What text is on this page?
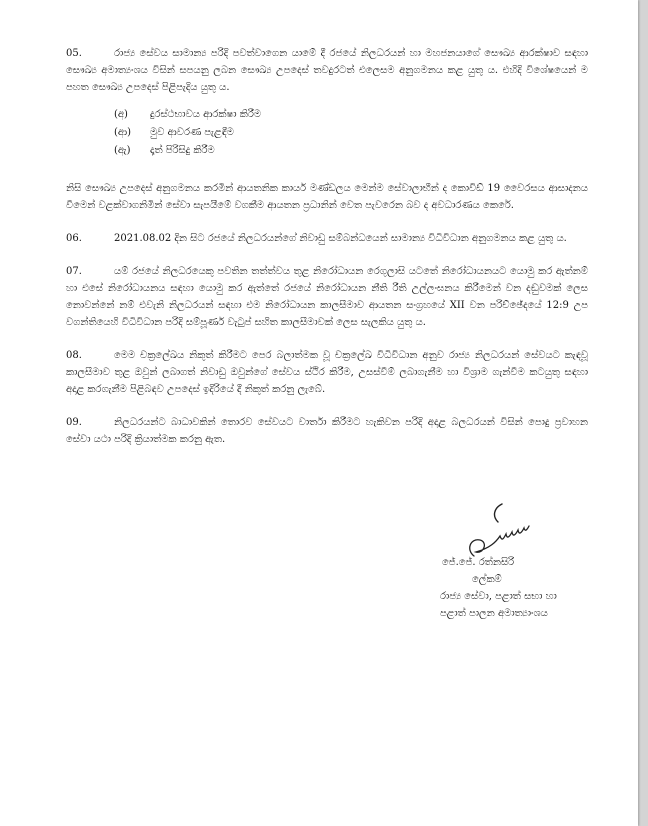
05.	රාජ්‍ය සේවය සාමාන්‍ය පරිදි පවත්වාගෙන යාමේ දී රජයේ නිලධරයන් හා මහජනයාගේ සෞඛ්‍ය ආරක්ෂාව සඳහා සෞඛ්‍ය අමාත්‍යංශය විසින් සපයනු ලබන සෞඛ්‍ය උපදෙස් තවදුරටත් එලෙසම අනුගමනය කළ යුතු ය. එහිදි විශේෂයෙන් ම පහත සෞඛ්‍ය උපදෙස් පිළිපැදිය යුතු ය.

(අ) දුරස්ථභාවය ආරක්ෂා කිරීම
(ආ) මුව ආවරණ පැළඳීම
(ඇ) දෑත් පිරිසිදු කිරීම

නිසි සෞඛ්‍ය උපදෙස් අනුගමනය කරමින් ආයතනික කාර්ය මණ්ඩලය මෙන්ම සේවාලාභීන් ද කොවිඩ් 19 වෛරසය ආසාදනය වීමෙන් වළක්වාගනිමින් සේවා සැපයීමේ වගකීම ආයතන ප්‍රධානින් වෙත පැවරෙන බව ද අවධාරණය කෙරේ.

06.	2021.08.02 දින සිට රජයේ නිලධරයන්ගේ නිවාඩු සම්බන්ධයෙන් සාමාන්‍ය විධිවිධාන අනුගමනය කළ යුතු ය.

07.	යම් රජයේ නිලධරයෙකු පවතින තත්ත්වය තුළ නිරෝධායන රෙගුලාසි යටතේ නිරෝධායනයට යොමු කර ඇත්නම් හා එසේ නිරෝධායනය සඳහා යොමු කර ඇත්තේ රජයේ නිරෝධායන නීති රීති උල්ලංඝනය කිරීමෙන් වන දඬුවමක් ලෙස නොවන්නේ නම් එවැනි නිලධරයන් සඳහා එම නිරෝධායන කාලසීමාව ආයතන සංග්‍රහයේ XII වන පරිච්ඡේදයේ 12:9 උප වගන්තියෙහි විධිවිධාන පරිදි සම්පූර්ණ වැටුප් සහිත කාලසීමාවක් ලෙස සැලකිය යුතු ය.

08.	මෙම චක්‍රලේඛය නිකුත් කිරීමට පෙර බලාත්මක වූ චක්‍රලේඛ විධිවිධාන අනුව රාජ්‍ය නිලධරයන් සේවයට කැඳවූ කාලසීමාව තුළ ඔවුන් ලබාගත් නිවාඩු ඔවුන්ගේ සේවය ස්ථිර කිරීම, උසස්වීම් ලබාගැනීම හා විශ්‍රාම ගැන්වීම කටයුතු සඳහා අදාළ කරගැනීම පිළිබඳව උපදෙස් ඉදිරියේ දී නිකුත් කරනු ලැබේ.

09.	නිලධරයන්ට බාධාවකින් තොරව සේවයට වාර්තා කිරීමට හැකිවන පරිදි අදාළ බලධරයන් විසින් පොදු ප්‍රවාහන සේවා යථා පරිදි ක්‍රියාත්මක කරනු ඇත.

ජේ.ජේ. රත්නසිරි
ලේකම්
රාජ්‍ය සේවා, පළාත් සභා හා
පළාත් පාලන අමාත්‍යාංශය
